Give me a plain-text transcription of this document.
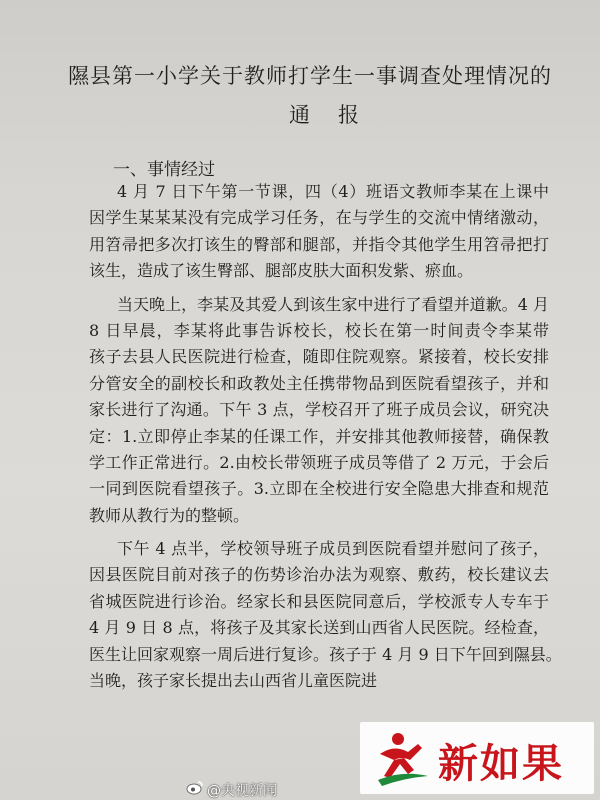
隰县第一小学关于教师打学生一事调查处理情况的
通报
一、事情经过
4 月 7 日下午第一节课，四（4）班语文教师李某在上课中
因学生某某某没有完成学习任务，在与学生的交流中情绪激动，
用笤帚把多次打该生的臀部和腿部，并指令其他学生用笤帚把打
该生，造成了该生臀部、腿部皮肤大面积发紫、瘀血。
当天晚上，李某及其爱人到该生家中进行了看望并道歉。4 月
8 日早晨，李某将此事告诉校长，校长在第一时间责令李某带
孩子去县人民医院进行检查，随即住院观察。紧接着，校长安排
分管安全的副校长和政教处主任携带物品到医院看望孩子，并和
家长进行了沟通。下午 3 点，学校召开了班子成员会议，研究决
定：1.立即停止李某的任课工作，并安排其他教师接替，确保教
学工作正常进行。2.由校长带领班子成员等借了 2 万元，于会后
一同到医院看望孩子。3.立即在全校进行安全隐患大排查和规范
教师从教行为的整顿。
下午 4 点半，学校领导班子成员到医院看望并慰问了孩子，
因县医院目前对孩子的伤势诊治办法为观察、敷药，校长建议去
省城医院进行诊治。经家长和县医院同意后，学校派专人专车于
4 月 9 日 8 点，将孩子及其家长送到山西省人民医院。经检查，
医生让回家观察一周后进行复诊。孩子于 4 月 9 日下午回到隰县。
当晚，孩子家长提出去山西省儿童医院进
@央视新闻
新如果
